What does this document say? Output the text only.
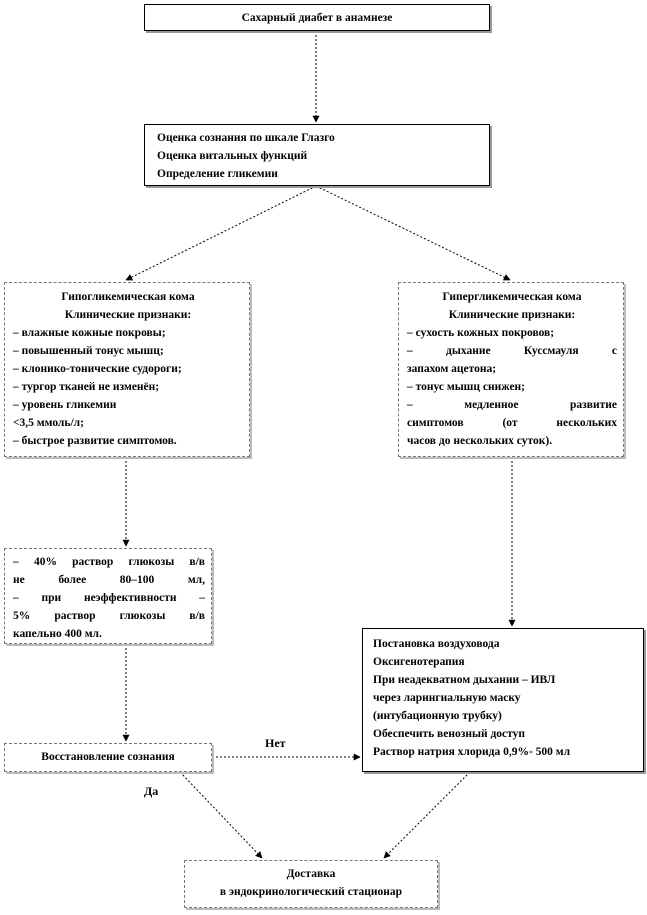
Сахарный диабет в анамнезе
Оценка сознания по шкале Глазго
Оценка витальных функций
Определение гликемии
Гипогликемическая кома
Клинические признаки:
– влажные кожные покровы;
– повышенный тонус мышц;
– клонико-тонические судороги;
– тургор тканей не изменён;
– уровень гликемии
<3,5 ммоль/л;
– быстрое развитие симптомов.
Гипергликемическая кома
Клинические признаки:
– сухость кожных покровов;
– дыхание Куссмауля с
запахом ацетона;
– тонус мышц снижен;
– медленное развитие
симптомов (от нескольких
часов до нескольких суток).
– 40% раствор глюкозы в/в
не более 80–100 мл,
– при неэффективности –
5% раствор глюкозы в/в
капельно 400 мл.
Постановка воздуховода
Оксигенотерапия
При неадекватном дыхании – ИВЛ
через ларингиальную маску
(интубационную трубку)
Обеспечить венозный доступ
Раствор натрия хлорида 0,9%- 500 мл
Восстановление сознания
Доставка
в эндокринологический стационар
Нет
Да
